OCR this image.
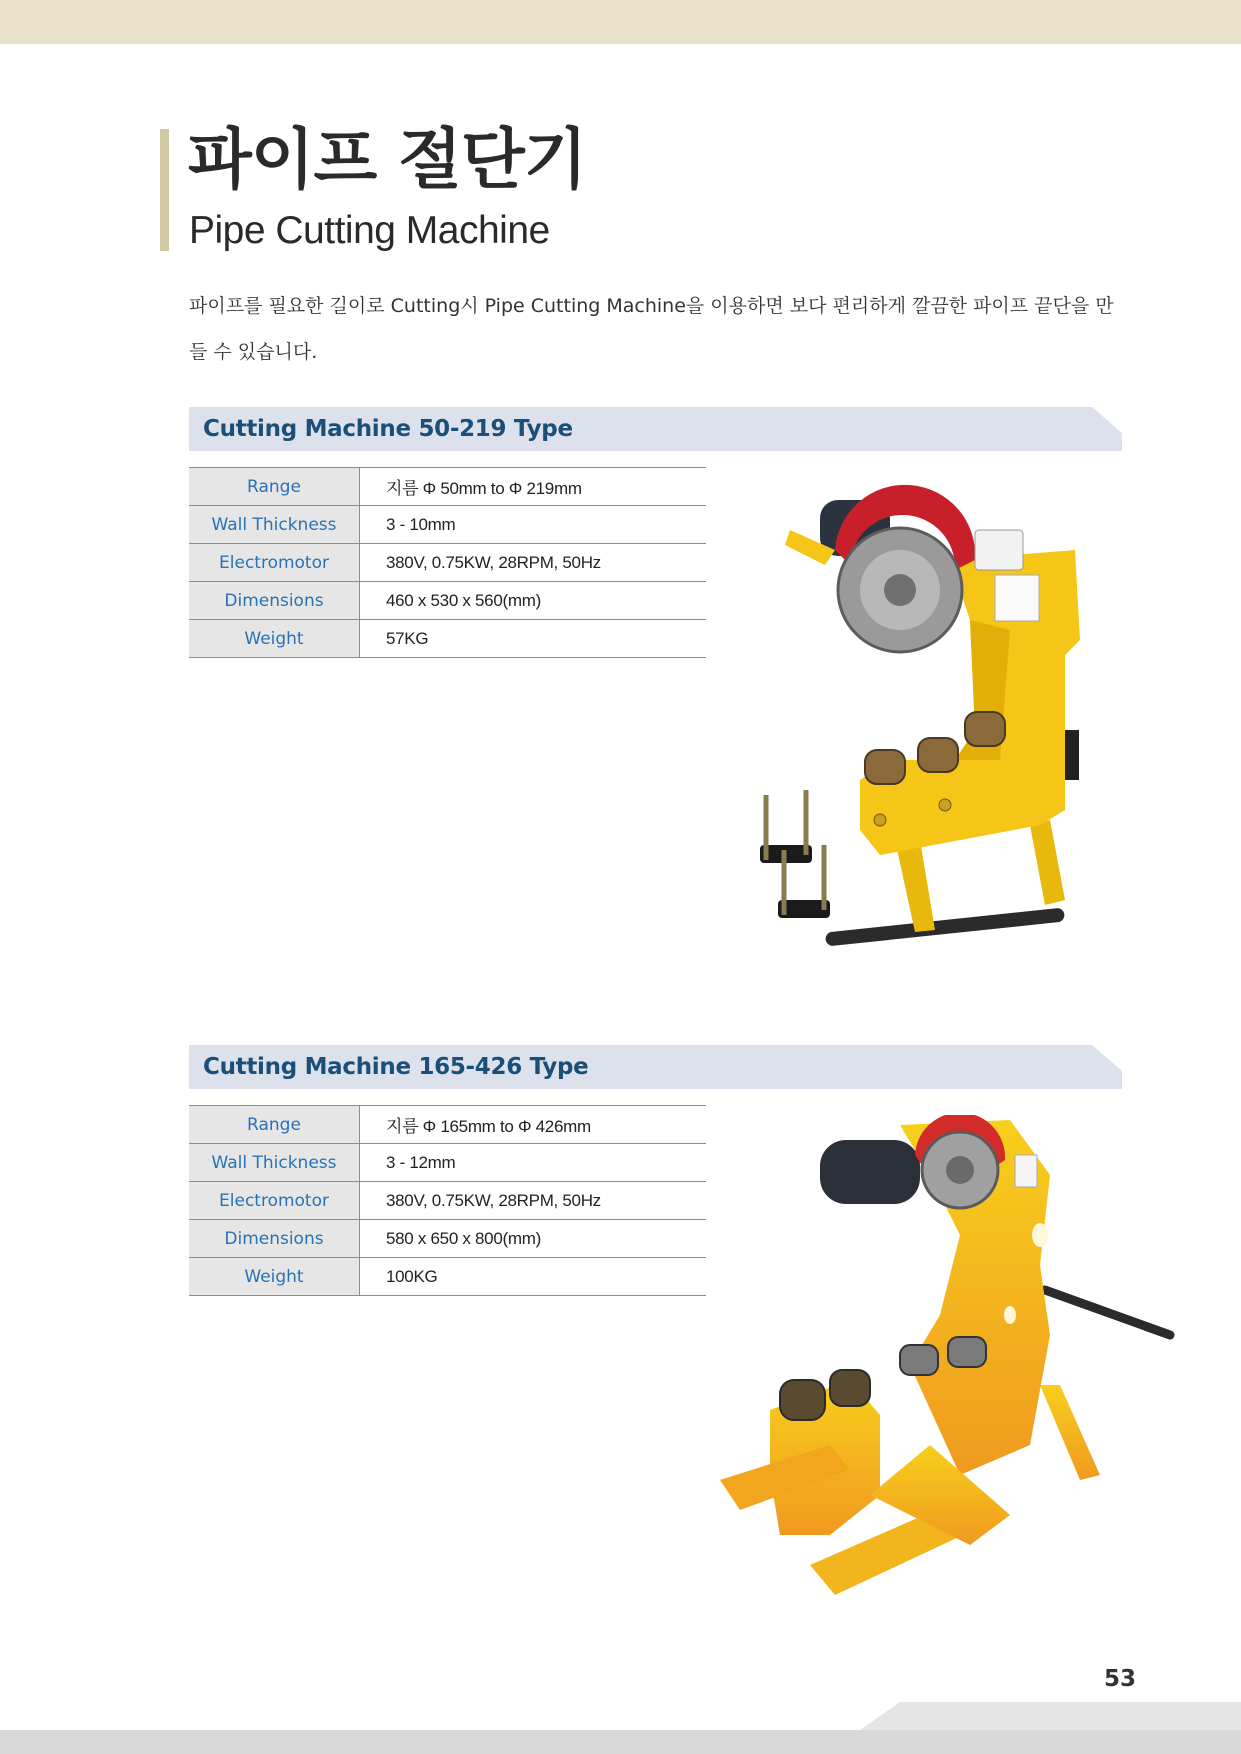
파이프 절단기
Pipe Cutting Machine

파이프를 필요한 길이로 Cutting시 Pipe Cutting Machine을 이용하면 보다 편리하게 깔끔한 파이프 끝단을 만들 수 있습니다.

Cutting Machine 50-219 Type
Range	지름 Φ 50mm to Φ 219mm
Wall Thickness	3 - 10mm
Electromotor	380V, 0.75KW, 28RPM, 50Hz
Dimensions	460 x 530 x 560(mm)
Weight	57KG
Cutting Machine 165-426 Type
Range	지름 Φ 165mm to Φ 426mm
Wall Thickness	3 - 12mm
Electromotor	380V, 0.75KW, 28RPM, 50Hz
Dimensions	580 x 650 x 800(mm)
Weight	100KG
53
